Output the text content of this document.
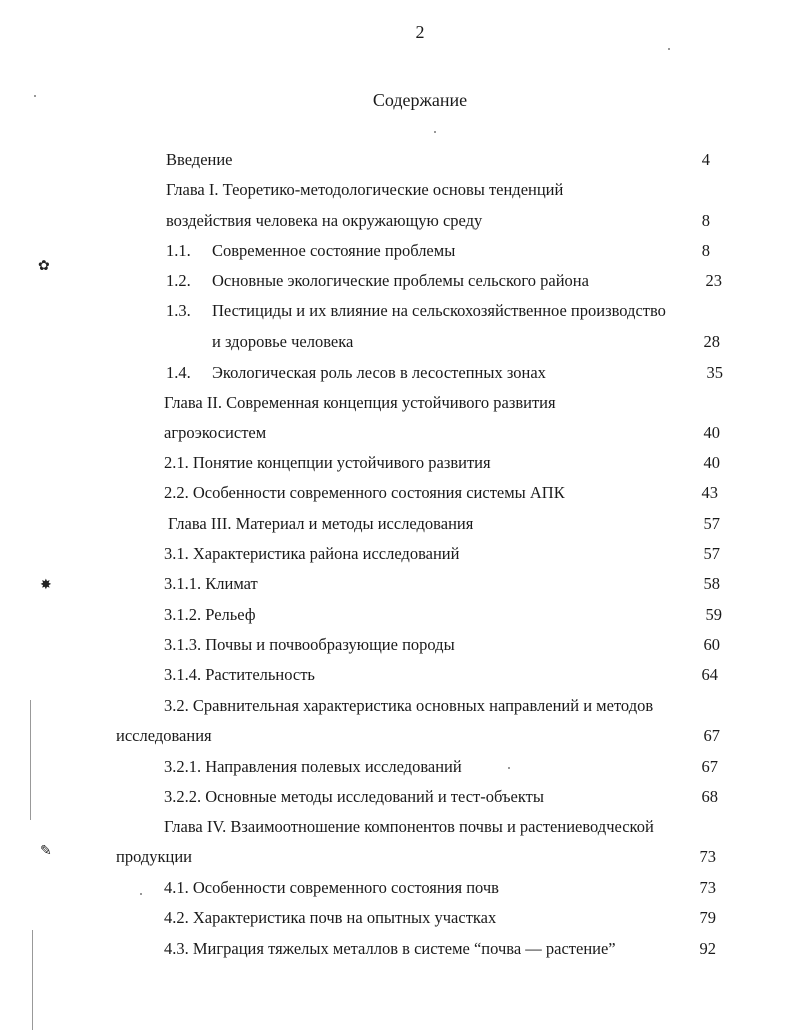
2
Содержание
Введение	4
Глава I. Теоретико-методологические основы тенденций
воздействия человека на окружающую среду	8
1.1. Современное состояние проблемы	8
1.2. Основные экологические проблемы сельского района	23
1.3. Пестициды и их влияние на сельскохозяйственное производство
и здоровье человека	28
1.4. Экологическая роль лесов в лесостепных зонах	35
Глава II. Современная концепция устойчивого развития
агроэкосистем	40
2.1. Понятие концепции устойчивого развития	40
2.2. Особенности современного состояния системы АПК	43
Глава III. Материал и методы исследования	57
3.1. Характеристика района исследований	57
3.1.1. Климат	58
3.1.2. Рельеф	59
3.1.3. Почвы и почвообразующие породы	60
3.1.4. Растительность	64
3.2. Сравнительная характеристика основных направлений и методов
исследования	67
3.2.1. Направления полевых исследований	67
3.2.2. Основные методы исследований и тест-объекты	68
Глава IV. Взаимоотношение компонентов почвы и растениеводческой
продукции	73
4.1. Особенности современного состояния почв	73
4.2. Характеристика почв на опытных участках	79
4.3. Миграция тяжелых металлов в системе “почва — растение”	92
✿
✸
✎
